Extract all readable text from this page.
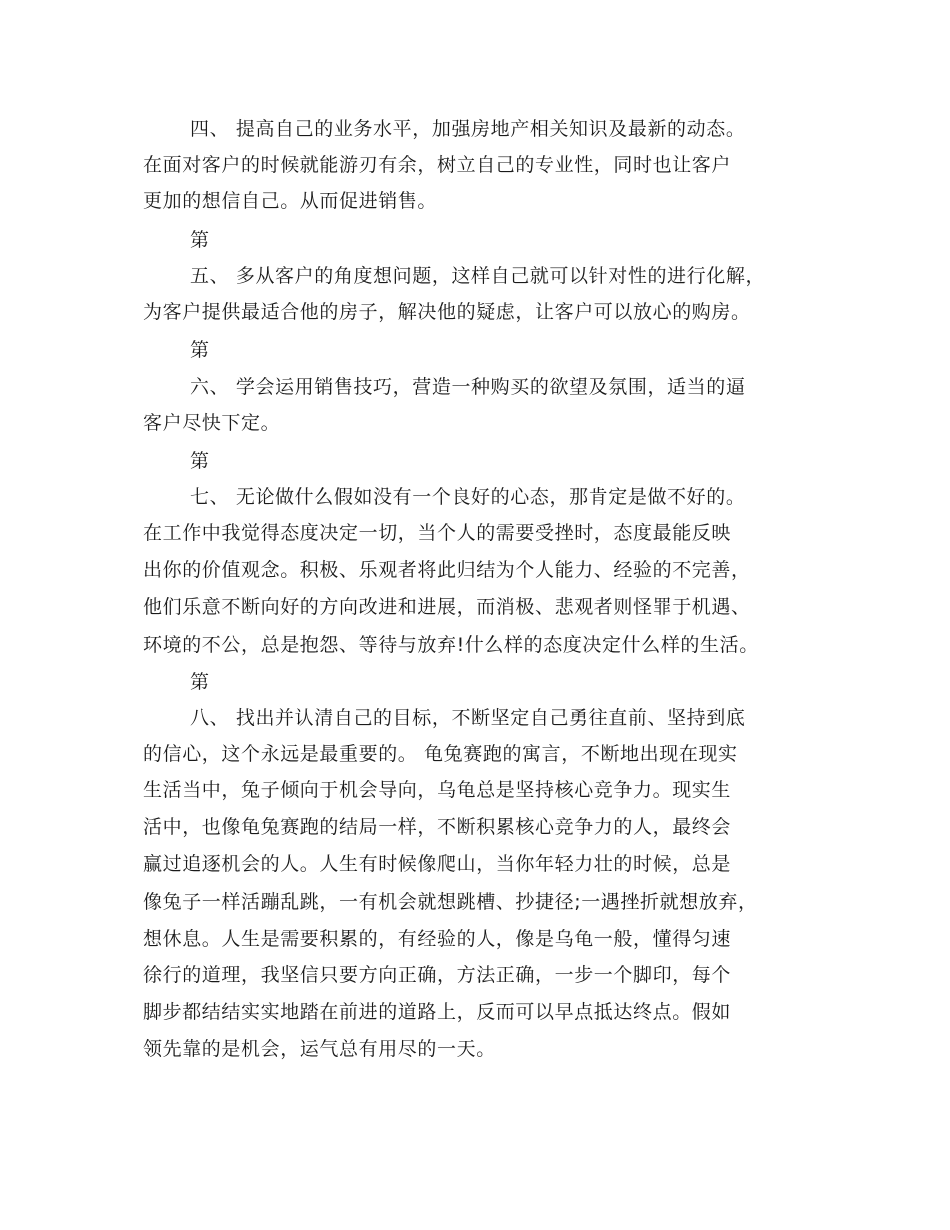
四、 提高自己的业务水平，加强房地产相关知识及最新的动态。
在面对客户的时候就能游刃有余，树立自己的专业性，同时也让客户
更加的想信自己。从而促进销售。
第
五、 多从客户的角度想问题，这样自己就可以针对性的进行化解，
为客户提供最适合他的房子，解决他的疑虑，让客户可以放心的购房。
第
六、 学会运用销售技巧，营造一种购买的欲望及氛围，适当的逼
客户尽快下定。
第
七、 无论做什么假如没有一个良好的心态，那肯定是做不好的。
在工作中我觉得态度决定一切，当个人的需要受挫时，态度最能反映
出你的价值观念。积极、乐观者将此归结为个人能力、经验的不完善，
他们乐意不断向好的方向改进和进展，而消极、悲观者则怪罪于机遇、
环境的不公，总是抱怨、等待与放弃!什么样的态度决定什么样的生活。
第
八、 找出并认清自己的目标，不断坚定自己勇往直前、坚持到底
的信心，这个永远是最重要的。 龟兔赛跑的寓言，不断地出现在现实
生活当中，兔子倾向于机会导向，乌龟总是坚持核心竞争力。现实生
活中，也像龟兔赛跑的结局一样，不断积累核心竞争力的人，最终会
赢过追逐机会的人。人生有时候像爬山，当你年轻力壮的时候，总是
像兔子一样活蹦乱跳，一有机会就想跳槽、抄捷径;一遇挫折就想放弃，
想休息。人生是需要积累的，有经验的人，像是乌龟一般，懂得匀速
徐行的道理，我坚信只要方向正确，方法正确，一步一个脚印，每个
脚步都结结实实地踏在前进的道路上，反而可以早点抵达终点。假如
领先靠的是机会，运气总有用尽的一天。
